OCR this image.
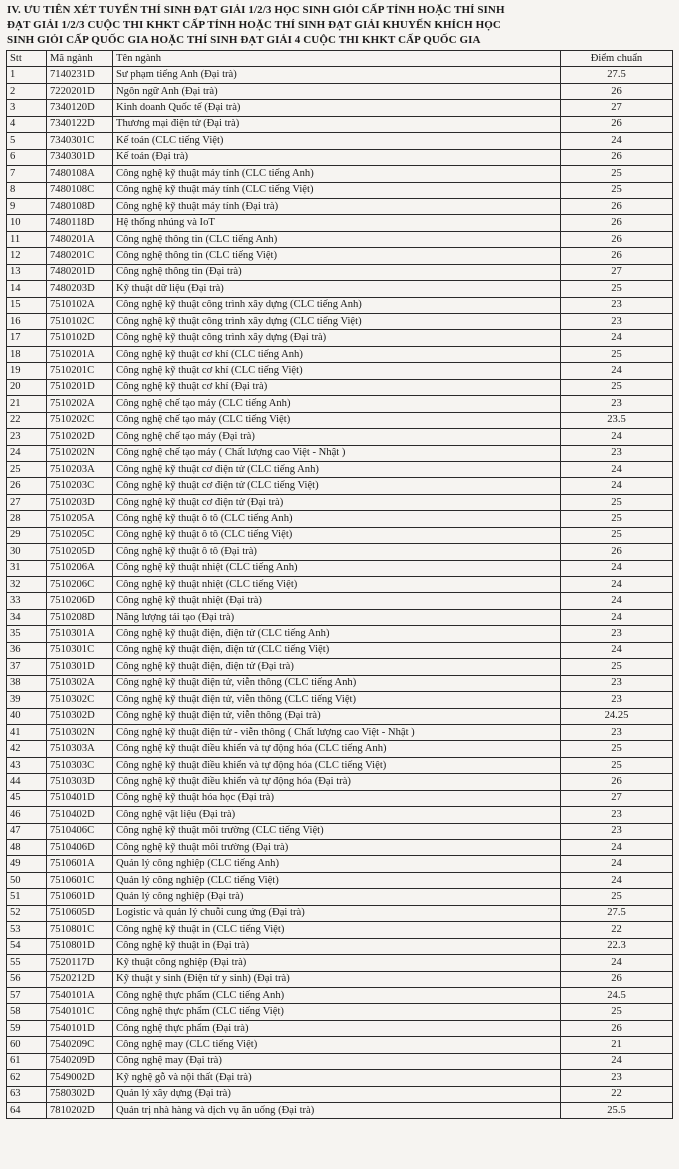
IV. ƯU TIÊN XÉT TUYỂN THÍ SINH ĐẠT GIẢI 1/2/3 HỌC SINH GIỎI CẤP TỈNH HOẶC THÍ SINH
ĐẠT GIẢI 1/2/3 CUỘC THI KHKT CẤP TỈNH HOẶC THÍ SINH ĐẠT GIẢI KHUYẾN KHÍCH HỌC
SINH GIỎI CẤP QUỐC GIA HOẶC THÍ SINH ĐẠT GIẢI 4 CUỘC THI KHKT CẤP QUỐC GIA
Stt	Mã ngành	Tên ngành	Điểm chuẩn
1	7140231D	Sư phạm tiếng Anh (Đại trà)	27.5
2	7220201D	Ngôn ngữ Anh (Đại trà)	26
3	7340120D	Kinh doanh Quốc tế (Đại trà)	27
4	7340122D	Thương mại điện tử (Đại trà)	26
5	7340301C	Kế toán (CLC tiếng Việt)	24
6	7340301D	Kế toán (Đại trà)	26
7	7480108A	Công nghệ kỹ thuật máy tính (CLC tiếng Anh)	25
8	7480108C	Công nghệ kỹ thuật máy tính (CLC tiếng Việt)	25
9	7480108D	Công nghệ kỹ thuật máy tính (Đại trà)	26
10	7480118D	Hệ thống nhúng và IoT	26
11	7480201A	Công nghệ thông tin (CLC tiếng Anh)	26
12	7480201C	Công nghệ thông tin (CLC tiếng Việt)	26
13	7480201D	Công nghệ thông tin (Đại trà)	27
14	7480203D	Kỹ thuật dữ liệu (Đại trà)	25
15	7510102A	Công nghệ kỹ thuật công trình xây dựng (CLC tiếng Anh)	23
16	7510102C	Công nghệ kỹ thuật công trình xây dựng (CLC tiếng Việt)	23
17	7510102D	Công nghệ kỹ thuật công trình xây dựng (Đại trà)	24
18	7510201A	Công nghệ kỹ thuật cơ khí (CLC tiếng Anh)	25
19	7510201C	Công nghệ kỹ thuật cơ khí (CLC tiếng Việt)	24
20	7510201D	Công nghệ kỹ thuật cơ khí (Đại trà)	25
21	7510202A	Công nghệ chế tạo máy (CLC tiếng Anh)	23
22	7510202C	Công nghệ chế tạo máy (CLC tiếng Việt)	23.5
23	7510202D	Công nghệ chế tạo máy (Đại trà)	24
24	7510202N	Công nghệ chế tạo máy ( Chất lượng cao Việt - Nhật )	23
25	7510203A	Công nghệ kỹ thuật cơ điện tử (CLC tiếng Anh)	24
26	7510203C	Công nghệ kỹ thuật cơ điện tử (CLC tiếng Việt)	24
27	7510203D	Công nghệ kỹ thuật cơ điện tử (Đại trà)	25
28	7510205A	Công nghệ kỹ thuật ô tô (CLC tiếng Anh)	25
29	7510205C	Công nghệ kỹ thuật ô tô (CLC tiếng Việt)	25
30	7510205D	Công nghệ kỹ thuật ô tô (Đại trà)	26
31	7510206A	Công nghệ kỹ thuật nhiệt (CLC tiếng Anh)	24
32	7510206C	Công nghệ kỹ thuật nhiệt (CLC tiếng Việt)	24
33	7510206D	Công nghệ kỹ thuật nhiệt (Đại trà)	24
34	7510208D	Năng lượng tái tạo (Đại trà)	24
35	7510301A	Công nghệ kỹ thuật điện, điện tử (CLC tiếng Anh)	23
36	7510301C	Công nghệ kỹ thuật điện, điện tử (CLC tiếng Việt)	24
37	7510301D	Công nghệ kỹ thuật điện, điện tử (Đại trà)	25
38	7510302A	Công nghệ kỹ thuật điện tử, viễn thông (CLC tiếng Anh)	23
39	7510302C	Công nghệ kỹ thuật điện tử, viễn thông (CLC tiếng Việt)	23
40	7510302D	Công nghệ kỹ thuật điện tử, viễn thông (Đại trà)	24.25
41	7510302N	Công nghệ kỹ thuật điện tử - viễn thông ( Chất lượng cao Việt - Nhật )	23
42	7510303A	Công nghệ kỹ thuật điều khiển và tự động hóa (CLC tiếng Anh)	25
43	7510303C	Công nghệ kỹ thuật điều khiển và tự động hóa (CLC tiếng Việt)	25
44	7510303D	Công nghệ kỹ thuật điều khiển và tự động hóa (Đại trà)	26
45	7510401D	Công nghệ kỹ thuật hóa học (Đại trà)	27
46	7510402D	Công nghệ vật liệu (Đại trà)	23
47	7510406C	Công nghệ kỹ thuật môi trường (CLC tiếng Việt)	23
48	7510406D	Công nghệ kỹ thuật môi trường (Đại trà)	24
49	7510601A	Quản lý công nghiệp (CLC tiếng Anh)	24
50	7510601C	Quản lý công nghiệp (CLC tiếng Việt)	24
51	7510601D	Quản lý công nghiệp (Đại trà)	25
52	7510605D	Logistic và quản lý chuỗi cung ứng (Đại trà)	27.5
53	7510801C	Công nghệ kỹ thuật in (CLC tiếng Việt)	22
54	7510801D	Công nghệ kỹ thuật in (Đại trà)	22.3
55	7520117D	Kỹ thuật công nghiệp (Đại trà)	24
56	7520212D	Kỹ thuật y sinh (Điện tử y sinh) (Đại trà)	26
57	7540101A	Công nghệ thực phẩm (CLC tiếng Anh)	24.5
58	7540101C	Công nghệ thực phẩm (CLC tiếng Việt)	25
59	7540101D	Công nghệ thực phẩm (Đại trà)	26
60	7540209C	Công nghệ may (CLC tiếng Việt)	21
61	7540209D	Công nghệ may (Đại trà)	24
62	7549002D	Kỹ nghệ gỗ và nội thất (Đại trà)	23
63	7580302D	Quản lý xây dựng (Đại trà)	22
64	7810202D	Quản trị nhà hàng và dịch vụ ăn uống (Đại trà)	25.5
